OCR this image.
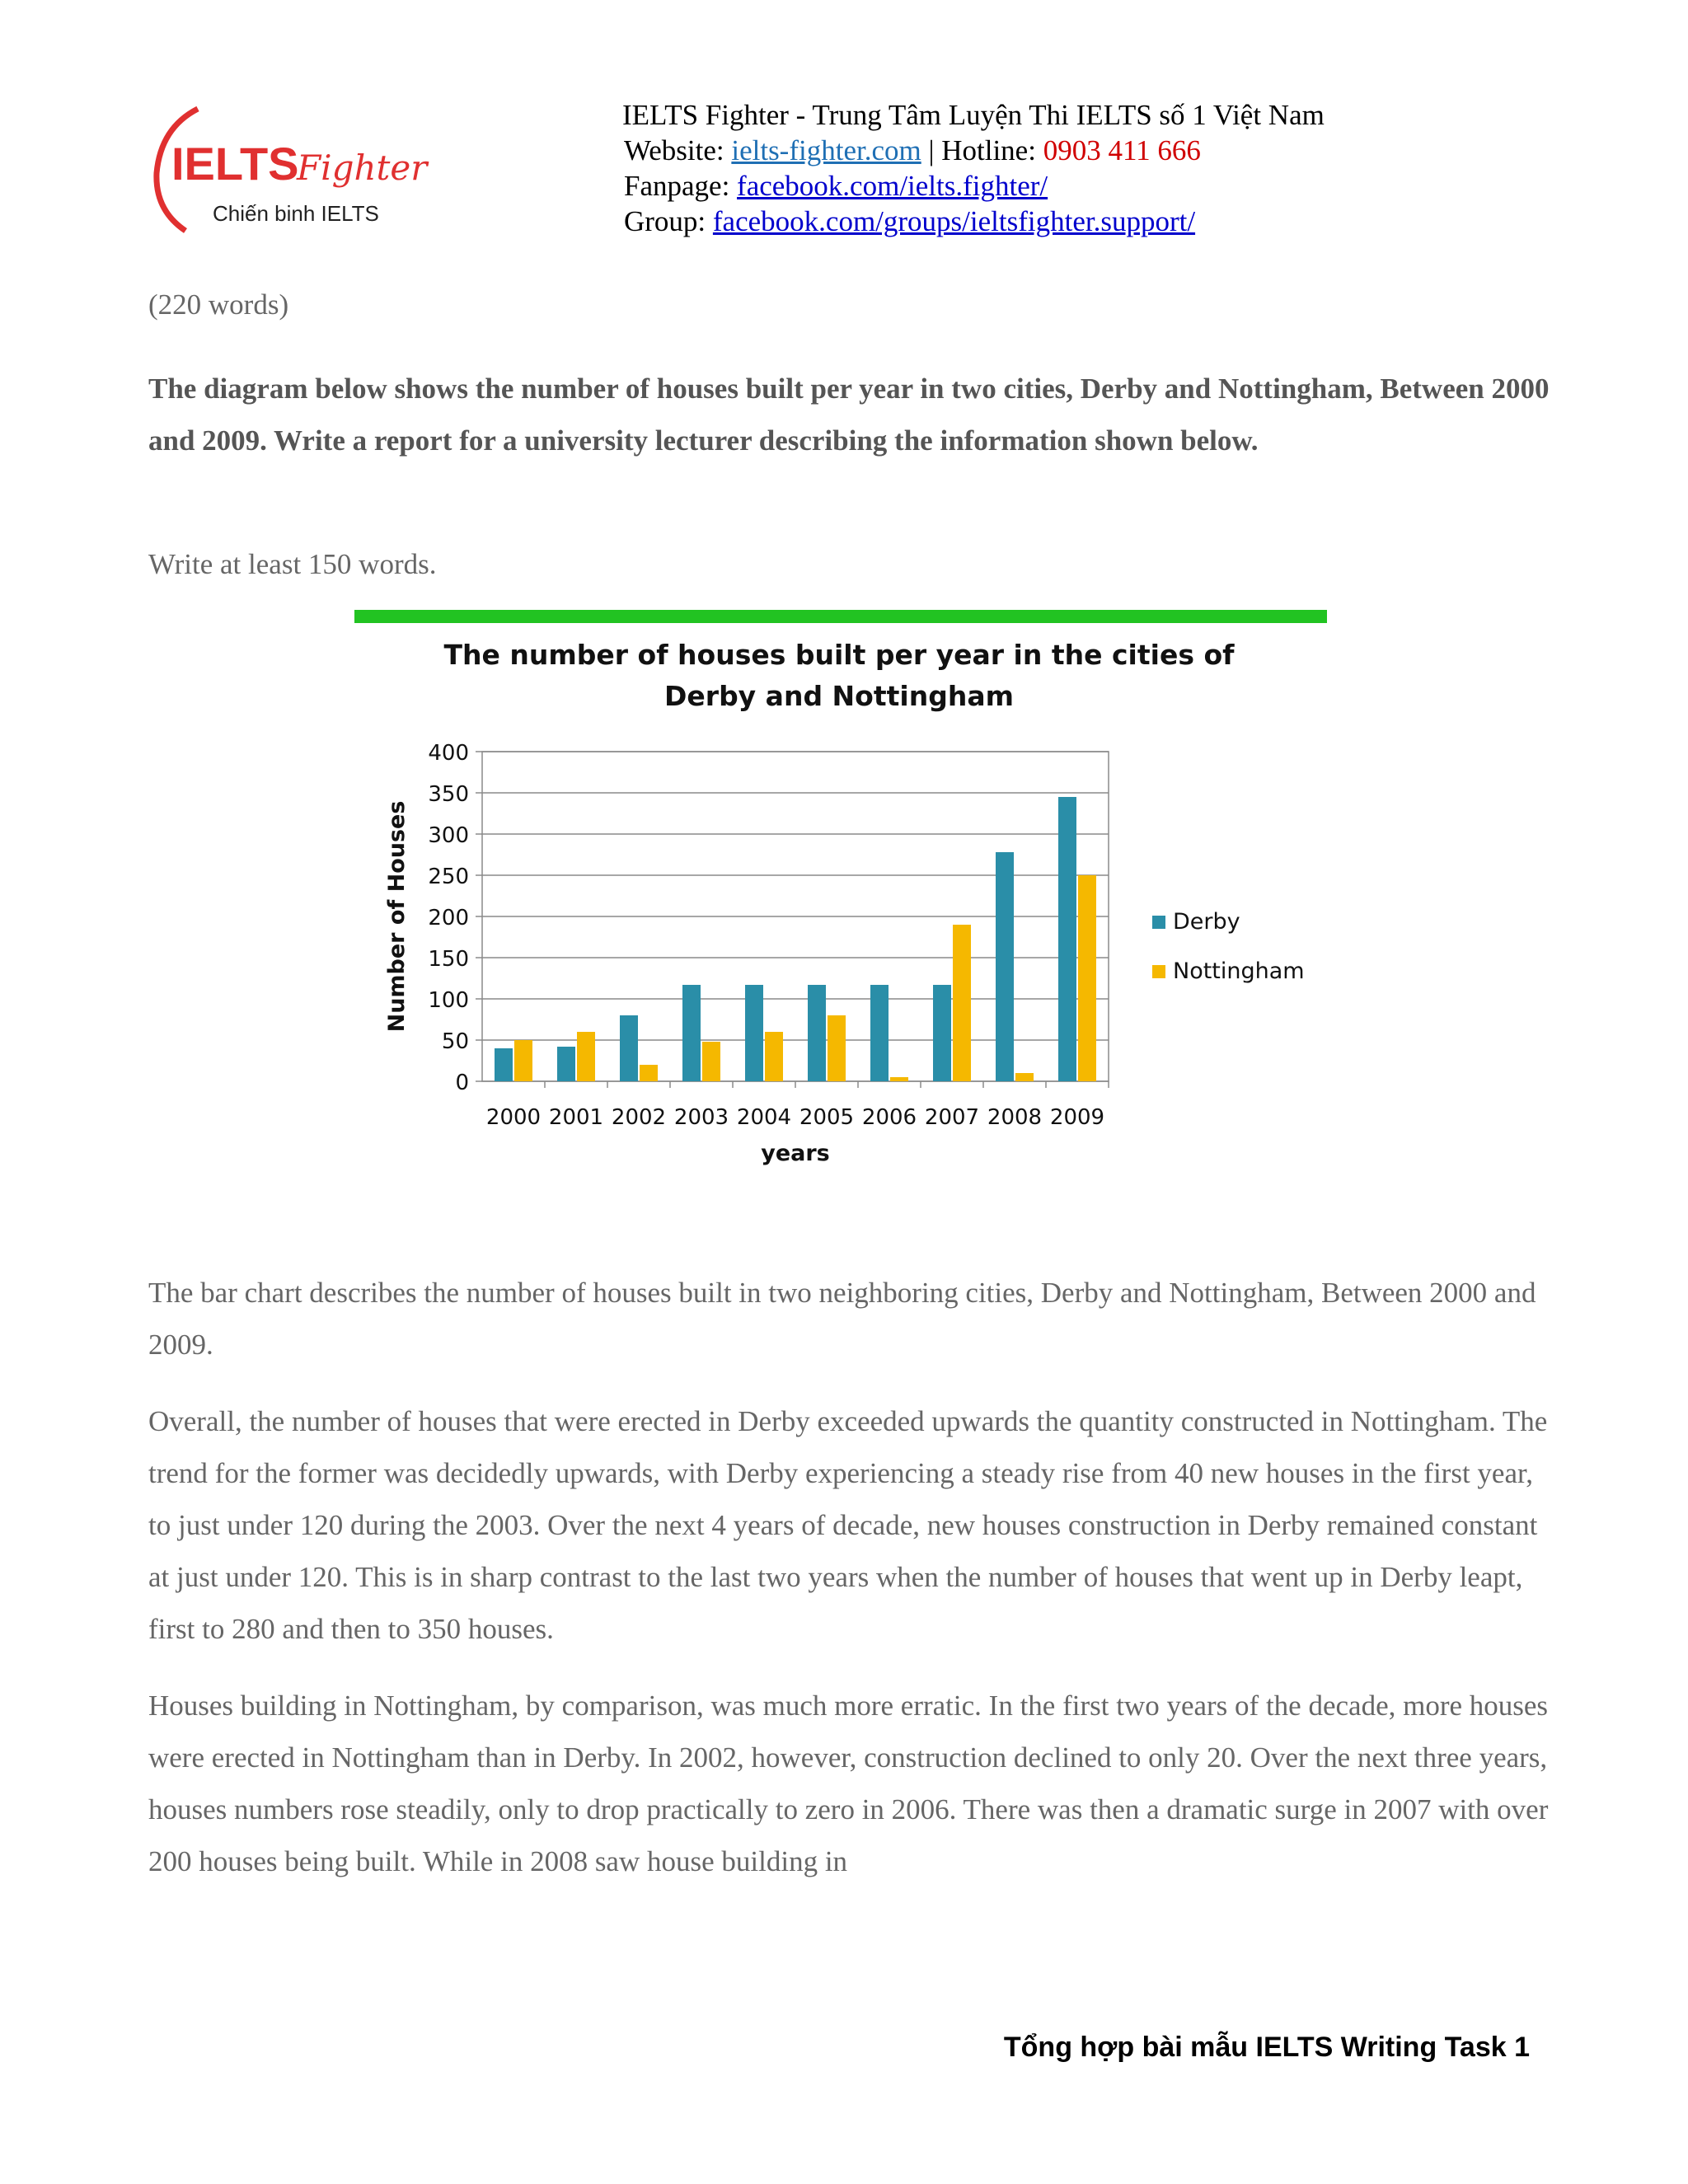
IELTS
Fighter
Chiến binh IELTS
IELTS Fighter - Trung Tâm Luyện Thi IELTS số 1 Việt Nam
Website: ielts-fighter.com | Hotline: 0903 411 666
Fanpage: facebook.com/ielts.fighter/
Group: facebook.com/groups/ieltsfighter.support/
(220 words)
The diagram below shows the number of houses built per year in two cities, Derby and Nottingham, Between 2000 and 2009. Write a report for a university lecturer describing the information shown below.
Write at least 150 words.
The number of houses built per year in the cities of
Derby and Nottingham
0
50
100
150
200
250
300
350
400
2000 2001 2002 2003 2004 2005 2006 2007 2008 2009
years
Number of Houses	Derby
Nottingham

The bar chart describes the number of houses built in two neighboring cities, Derby and Nottingham, Between 2000 and 2009.

Overall, the number of houses that were erected in Derby exceeded upwards the quantity constructed in Nottingham. The trend for the former was decidedly upwards, with Derby experiencing a steady rise from 40 new houses in the first year, to just under 120 during the 2003. Over the next 4 years of decade, new houses construction in Derby remained constant at just under 120. This is in sharp contrast to the last two years when the number of houses that went up in Derby leapt, first to 280 and then to 350 houses.

Houses building in Nottingham, by comparison, was much more erratic. In the first two years of the decade, more houses were erected in Nottingham than in Derby. In 2002, however, construction declined to only 20. Over the next three years, houses numbers rose steadily, only to drop practically to zero in 2006. There was then a dramatic surge in 2007 with over 200 houses being built. While in 2008 saw house building in

Tổng hợp bài mẫu IELTS Writing Task 1
